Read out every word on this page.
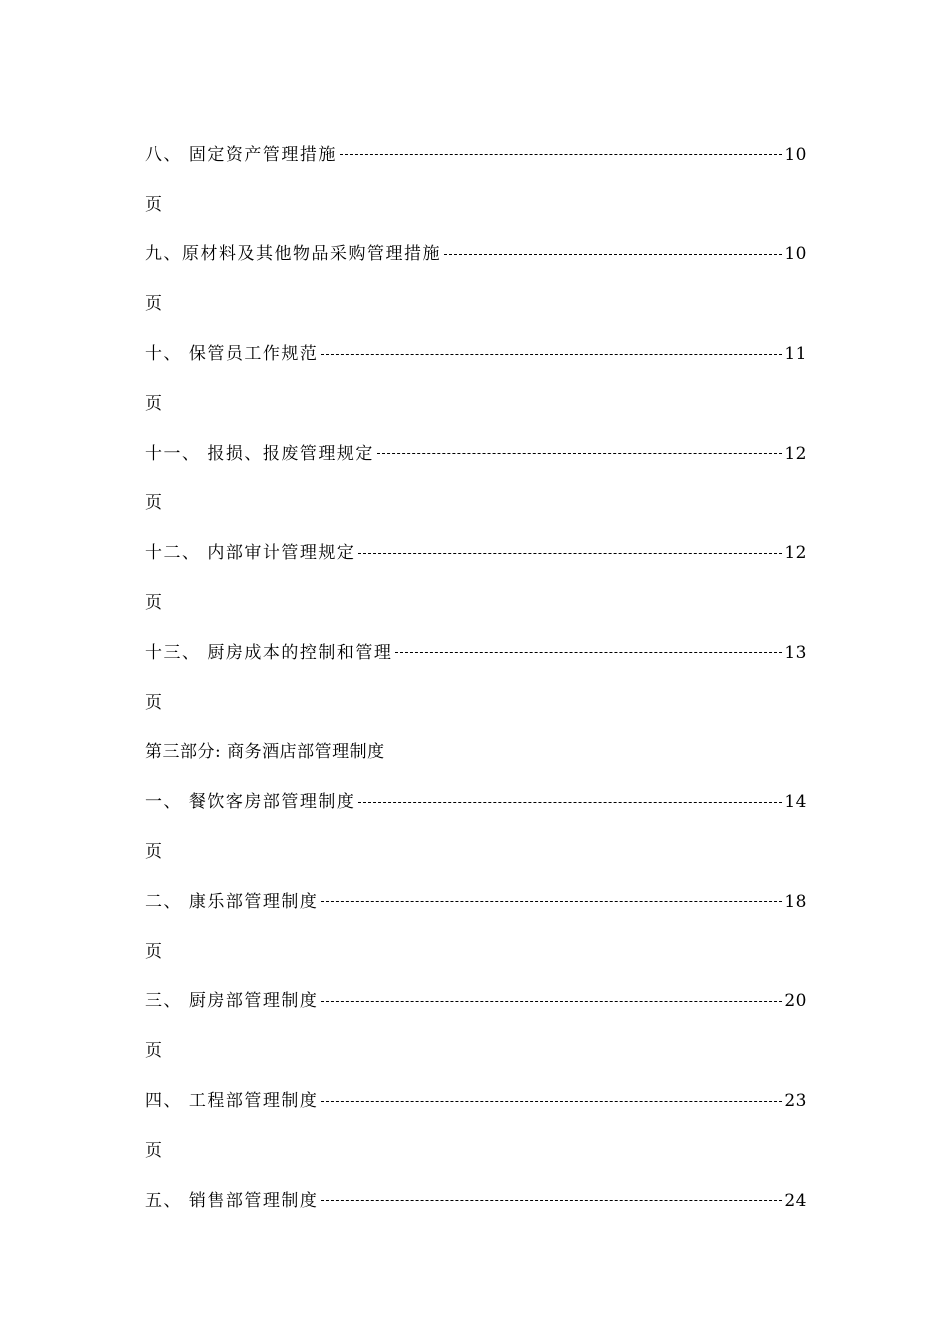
八、 固定资产管理措施	10
页
九、原材料及其他物品采购管理措施	10
页
十、 保管员工作规范	11
页
十一、 报损、报废管理规定	12
页
十二、 内部审计管理规定	12
页
十三、 厨房成本的控制和管理	13
页
第三部分: 商务酒店部管理制度
一、 餐饮客房部管理制度	14
页
二、 康乐部管理制度	18
页
三、 厨房部管理制度	20
页
四、 工程部管理制度	23
页
五、 销售部管理制度	24
